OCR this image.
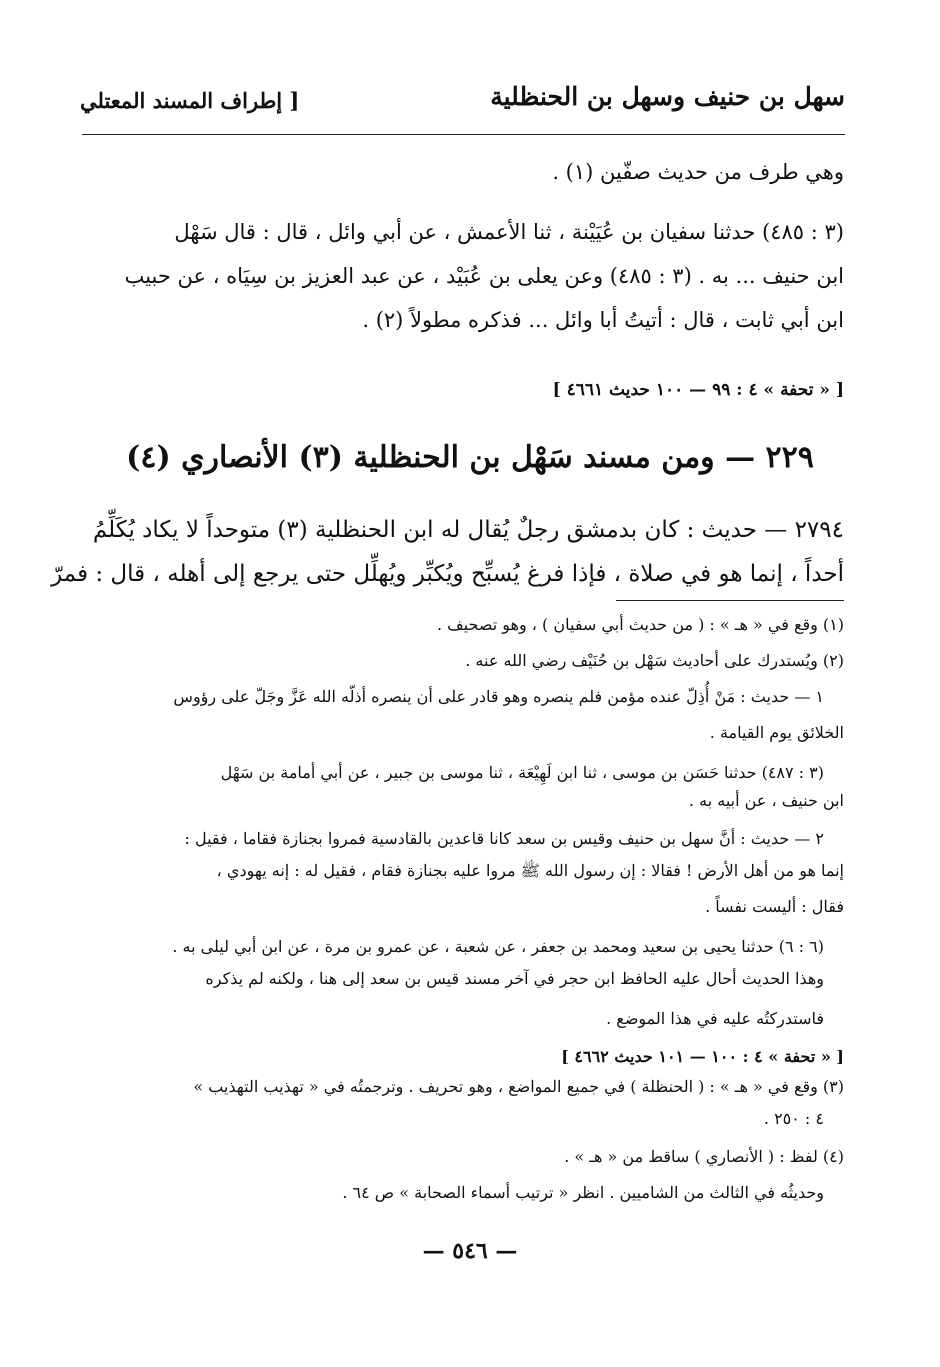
[ إطراف المسند المعتلي	سهل بن حنيف وسهل بن الحنظلية
وهي طرف من حديث صفّين (١) .
(٣ : ٤٨٥) حدثنا سفيان بن عُيَيْنة ، ثنا الأعمش ، عن أبي وائل ، قال : قال سَهْل
ابن حنيف ... به . (٣ : ٤٨٥) وعن يعلى بن عُبَيْد ، عن عبد العزيز بن سِيَاه ، عن حبيب
ابن أبي ثابت ، قال : أتيتُ أبا وائل ... فذكره مطولاً (٢) .
[ « تحفة » ٤ : ٩٩ — ١٠٠ حديث ٤٦٦١ ]
٢٢٩ — ومن مسند سَهْل بن الحنظلية (٣) الأنصاري (٤)
٢٧٩٤ — حديث : كان بدمشق رجلٌ يُقال له ابن الحنظلية (٣) متوحداً لا يكاد يُكَلِّمُ
أحداً ، إنما هو في صلاة ، فإذا فرغ يُسبِّح ويُكبِّر ويُهلِّل حتى يرجع إلى أهله ، قال : فمرّ
(١) وقع في « هـ » : ( من حديث أبي سفيان ) ، وهو تصحيف .
(٢) ويُستدرك على أحاديث سَهْل بن حُنَيْف رضي الله عنه .
١ — حديث : مَنْ أُذِلّ عنده مؤمن فلم ينصره وهو قادر على أن ينصره أذلّه الله عَزَّ وجَلّ على رؤوس
الخلائق يوم القيامة .
(٣ : ٤٨٧) حدثنا حَسَن بن موسى ، ثنا ابن لَهِيْعَة ، ثنا موسى بن جبير ، عن أبي أمامة بن سَهْل
ابن حنيف ، عن أبيه به .
٢ — حديث : أنَّ سهل بن حنيف وقيس بن سعد كانا قاعدين بالقادسية فمروا بجنازة فقاما ، فقيل :
إنما هو من أهل الأرض ! فقالا : إن رسول الله ﷺ مروا عليه بجنازة فقام ، فقيل له : إنه يهودي ،
فقال : أليست نفساً .
(٦ : ٦) حدثنا يحيى بن سعيد ومحمد بن جعفر ، عن شعبة ، عن عمرو بن مرة ، عن ابن أبي ليلى به .
وهذا الحديث أحال عليه الحافظ ابن حجر في آخر مسند قيس بن سعد إلى هنا ، ولكنه لم يذكره
فاستدركتُه عليه في هذا الموضع .
[ « تحفة » ٤ : ١٠٠ — ١٠١ حديث ٤٦٦٢ ]
(٣) وقع في « هـ » : ( الحنظلة ) في جميع المواضع ، وهو تحريف . وترجمتُه في « تهذيب التهذيب »
٤ : ٢٥٠ .
(٤) لفظ : ( الأنصاري ) ساقط من « هـ » .
وحديثُه في الثالث من الشاميين . انظر « ترتيب أسماء الصحابة » ص ٦٤ .
— ٥٤٦ —
